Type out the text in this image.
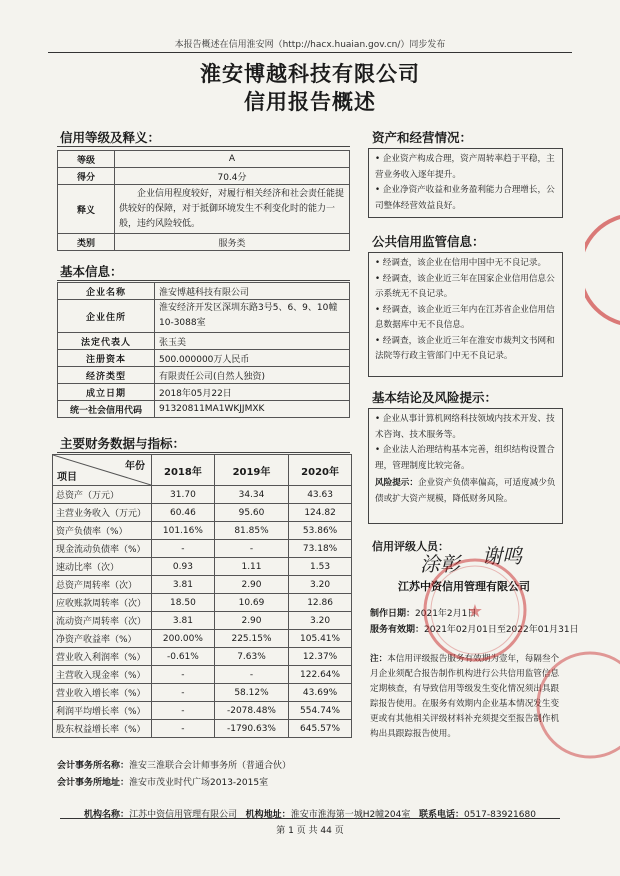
本报告概述在信用淮安网（http://hacx.huaian.gov.cn/）同步发布
淮安博越科技有限公司
信用报告概述
信用等级及释义：
等级	A
得分	70.4分
释义	企业信用程度较好，对履行相关经济和社会责任能提供较好的保障，对于抵御环境发生不利变化时的能力一般，违约风险较低。
类别	服务类
基本信息：
企业名称	淮安博越科技有限公司
企业住所	淮安经济开发区深圳东路3号5、6、9、10幢10-3088室
法定代表人	张玉美
注册资本	500.000000万人民币
经济类型	有限责任公司(自然人独资)
成立日期	2018年05月22日
统一社会信用代码	91320811MA1WKJJMXK
主要财务数据与指标：
年份
项目	2018年	2019年	2020年
总资产（万元）	31.70	34.34	43.63
主营业务收入（万元）	60.46	95.60	124.82
资产负债率（%）	101.16%	81.85%	53.86%
现金流动负债率（%）	-	-	73.18%
速动比率（次）	0.93	1.11	1.53
总资产周转率（次）	3.81	2.90	3.20
应收账款周转率（次）	18.50	10.69	12.86
流动资产周转率（次）	3.81	2.90	3.20
净资产收益率（%）	200.00%	225.15%	105.41%
营业收入利润率（%）	-0.61%	7.63%	12.37%
主营收入现金率（%）	-	-	122.64%
营业收入增长率（%）	-	58.12%	43.69%
利润平均增长率（%）	-	-2078.48%	554.74%
股东权益增长率（%）	-	-1790.63%	645.57%
会计事务所名称：淮安三淮联合会计师事务所（普通合伙）
会计事务所地址：淮安市茂业时代广场2013-2015室
资产和经营情况：

• 企业资产构成合理，资产周转率趋于平稳，主营业务收入逐年提升。

• 企业净资产收益和业务盈利能力合理增长，公司整体经营效益良好。

公共信用监管信息：

• 经调查，该企业在信用中国中无不良记录。

• 经调查，该企业近三年在国家企业信用信息公示系统无不良记录。

• 经调查，该企业近三年内在江苏省企业信用信息数据库中无不良信息。

• 经调查，该企业近三年在淮安市裁判文书网和法院等行政主管部门中无不良记录。

基本结论及风险提示：

• 企业从事计算机网络科技领域内技术开发、技术咨询、技术服务等。

• 企业法人治理结构基本完善，组织结构设置合理，管理制度比较完备。

风险提示：企业资产负债率偏高，可适度减少负债或扩大资产规模，降低财务风险。

信用评级人员：
涂彰 谢鸣
江苏中资信用管理有限公司
制作日期：2021年2月1日
服务有效期：2021年02月01日至2022年01月31日
注：本信用评级报告服务有效期为壹年，每隔叁个月企业须配合报告制作机构进行公共信用监管信息定期核查，有导致信用等级发生变化情况须出具跟踪报告使用。在服务有效期内企业基本情况发生变更或有其他相关评级材料补充须提交至报告制作机构出具跟踪报告使用。
★
机构名称：江苏中资信用管理有限公司 机构地址：淮安市淮海第一城H2幢204室 联系电话：0517-83921680
第 1 页 共 44 页
